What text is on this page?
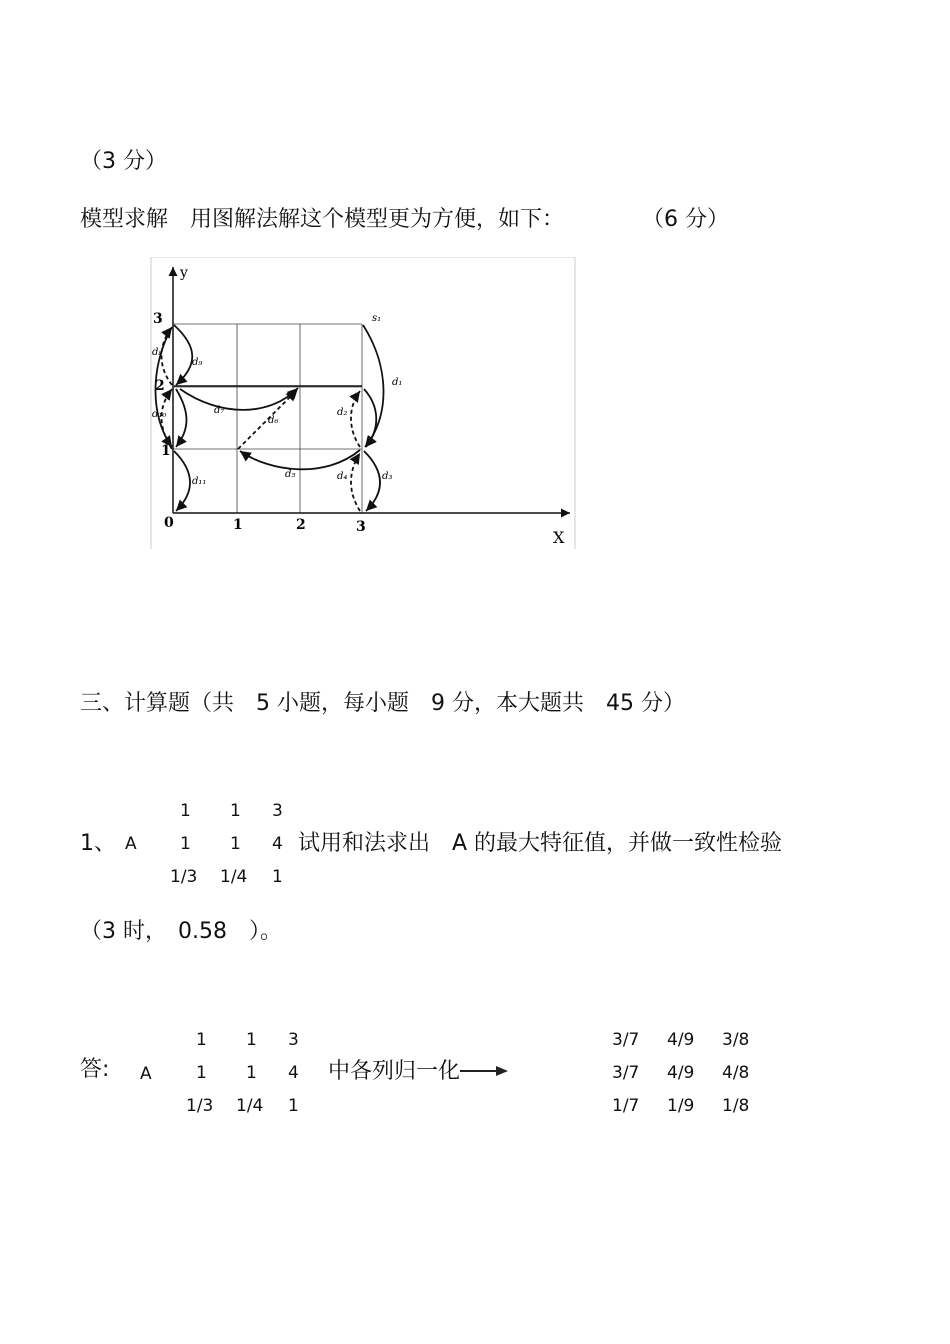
（3 分）
模型求解　用图解法解这个模型更为方便，如下：	（6 分）
y
X
0	1	2	3
1
2
3
d₁
d₂
d₃
d₄
d₅
d₆
d₇
d₈
d₉
d₁₀
d₁₁
s₁
三、计算题（共　5 小题，每小题　9 分，本大题共　45 分）
1、 A
1 1 3
1 1 4
1/3 1/4 1
试用和法求出　A 的最大特征值，并做一致性检验
（3 时，　0.58　）。
答: A
1 1 3
1 1 4
1/3 1/4 1
中各列归一化
3/7 4/9 3/8
3/7 4/9 4/8
1/7 1/9 1/8
